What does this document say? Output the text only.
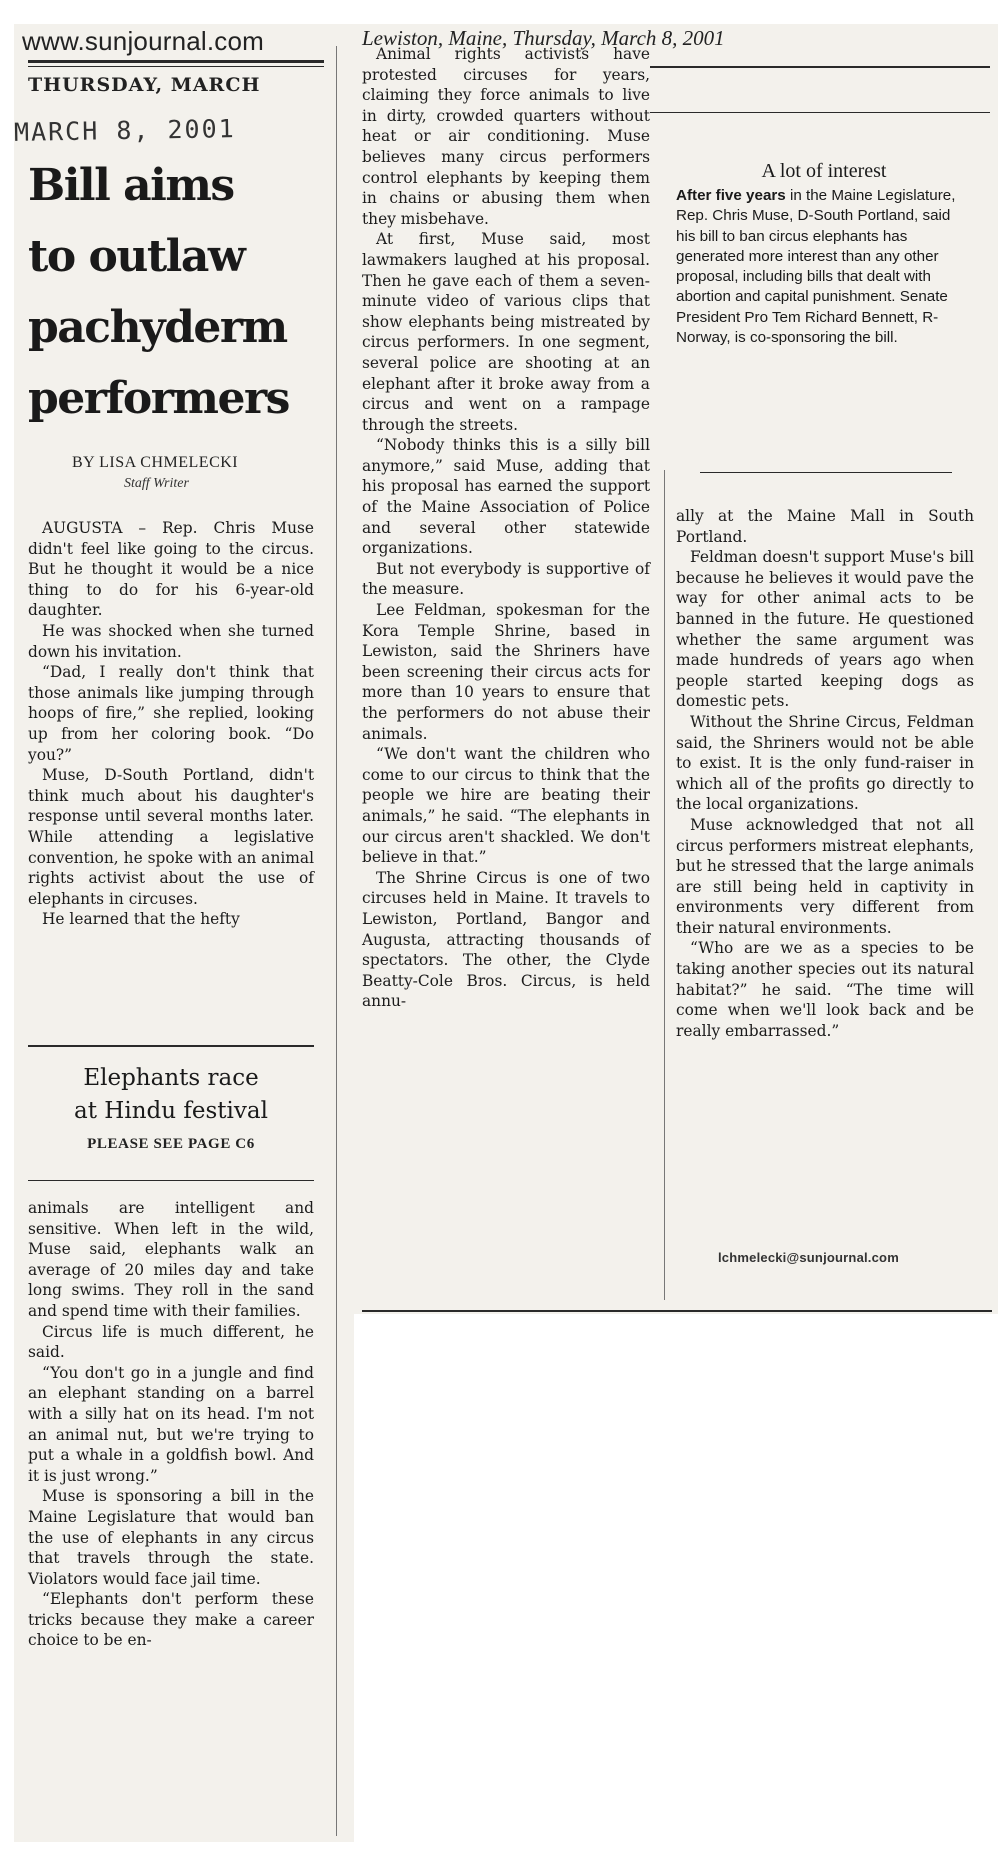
www.sunjournal.com	Lewiston, Maine, Thursday, March 8, 2001
THURSDAY, MARCH
MARCH 8, 2001
Bill aims
to outlaw
pachyderm
performers
BY LISA CHMELECKI
Staff Writer

AUGUSTA – Rep. Chris Muse didn't feel like going to the circus. But he thought it would be a nice thing to do for his 6-year-old daughter.

He was shocked when she turned down his invitation.

“Dad, I really don't think that those animals like jumping through hoops of fire,” she replied, looking up from her coloring book. “Do you?”

Muse, D-South Portland, didn't think much about his daughter's response until several months later. While attending a legislative convention, he spoke with an animal rights activist about the use of elephants in circuses.

He learned that the hefty

Elephants race
at Hindu festival
PLEASE SEE PAGE C6

animals are intelligent and sensitive. When left in the wild, Muse said, elephants walk an average of 20 miles day and take long swims. They roll in the sand and spend time with their families.

Circus life is much different, he said.

“You don't go in a jungle and find an elephant standing on a barrel with a silly hat on its head. I'm not an animal nut, but we're trying to put a whale in a goldfish bowl. And it is just wrong.”

Muse is sponsoring a bill in the Maine Legislature that would ban the use of elephants in any circus that travels through the state. Violators would face jail time.

“Elephants don't perform these tricks because they make a career choice to be en-

Animal rights activists have protested circuses for years, claiming they force animals to live in dirty, crowded quarters without heat or air conditioning. Muse believes many circus performers control elephants by keeping them in chains or abusing them when they misbehave.

At first, Muse said, most lawmakers laughed at his proposal. Then he gave each of them a seven-minute video of various clips that show elephants being mistreated by circus performers. In one segment, several police are shooting at an elephant after it broke away from a circus and went on a rampage through the streets.

“Nobody thinks this is a silly bill anymore,” said Muse, adding that his proposal has earned the support of the Maine Association of Police and several other statewide organizations.

But not everybody is supportive of the measure.

Lee Feldman, spokesman for the Kora Temple Shrine, based in Lewiston, said the Shriners have been screening their circus acts for more than 10 years to ensure that the performers do not abuse their animals.

“We don't want the children who come to our circus to think that the people we hire are beating their animals,” he said. “The elephants in our circus aren't shackled. We don't believe in that.”

The Shrine Circus is one of two circuses held in Maine. It travels to Lewiston, Portland, Bangor and Augusta, attracting thousands of spectators. The other, the Clyde Beatty-Cole Bros. Circus, is held annu-

A lot of interest
After five years in the Maine Legislature, Rep. Chris Muse, D-South Portland, said his bill to ban circus elephants has generated more interest than any other proposal, including bills that dealt with abortion and capital punishment. Senate President Pro Tem Richard Bennett, R-Norway, is co-sponsoring the bill.

ally at the Maine Mall in South Portland.

Feldman doesn't support Muse's bill because he believes it would pave the way for other animal acts to be banned in the future. He questioned whether the same argument was made hundreds of years ago when people started keeping dogs as domestic pets.

Without the Shrine Circus, Feldman said, the Shriners would not be able to exist. It is the only fund-raiser in which all of the profits go directly to the local organizations.

Muse acknowledged that not all circus performers mistreat elephants, but he stressed that the large animals are still being held in captivity in environments very different from their natural environments.

“Who are we as a species to be taking another species out its natural habitat?” he said. “The time will come when we'll look back and be really embarrassed.”

lchmelecki@sunjournal.com
